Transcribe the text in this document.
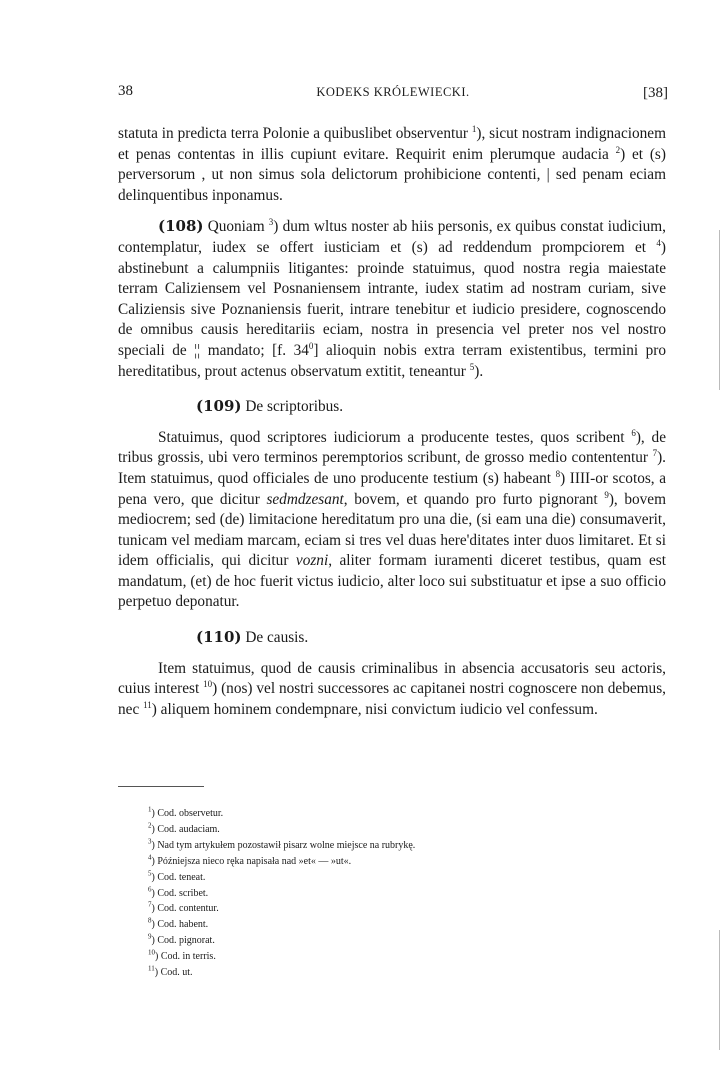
38	KODEKS KRÓLEWIECKI.	[38]

statuta in predicta terra Polonie a quibuslibet observentur $^1$), sicut nostram indignacionem et penas contentas in illis cupiunt evitare. Requirit enim plerumque audacia $^2$) et (s) perversorum , ut non simus sola delictorum prohibicione contenti, | sed penam eciam delinquentibus inponamus.

(108) Quoniam $^3$) dum wltus noster ab hiis personis, ex quibus constat iudicium, contemplatur, iudex se offert iusticiam et (s) ad reddendum prompciorem et $^4$) abstinebunt a calumpniis litigantes: proinde statuimus, quod nostra regia maiestate terram Caliziensem vel Posnaniensem intrante, iudex statim ad nostram curiam, sive Caliziensis sive Poznaniensis fuerit, intrare tenebitur et iudicio presidere, cognoscendo de omnibus causis hereditariis eciam, nostra in presencia vel preter nos vel nostro speciali de ¦¦ mandato; [f. $34^0$] alioquin nobis extra terram existentibus, termini pro hereditatibus, prout actenus observatum extitit, teneantur $^5$).

(109) De scriptoribus.

Statuimus, quod scriptores iudiciorum a producente testes, quos scribent $^6$), de tribus grossis, ubi vero terminos peremptorios scribunt, de grosso medio contententur $^7$). Item statuimus, quod officiales de uno producente testium (s) habeant $^8$) IIII-or scotos, a pena vero, que dicitur sedmdzesant, bovem, et quando pro furto pignorant $^9$), bovem mediocrem; sed (de) limitacione hereditatum pro una die, (si eam una die) consumaverit, tunicam vel mediam marcam, eciam si tres vel duas here'ditates inter duos limitaret. Et si idem officialis, qui dicitur vozni, aliter formam iuramenti diceret testibus, quam est mandatum, (et) de hoc fuerit victus iudicio, alter loco sui substituatur et ipse a suo officio perpetuo deponatur.

(110) De causis.

Item statuimus, quod de causis criminalibus in absencia accusatoris seu actoris, cuius interest $^{10}$) (nos) vel nostri successores ac capitanei nostri cognoscere non debemus, nec $^{11}$) aliquem hominem condempnare, nisi convictum iudicio vel confessum.

$^1$) Cod. observetur.
$^2$) Cod. audaciam.
$^3$) Nad tym artykułem pozostawił pisarz wolne miejsce na rubrykę.
$^4$) Późniejsza nieco ręka napisała nad »et« — »ut«.
$^5$) Cod. teneat.
$^6$) Cod. scribet.
$^7$) Cod. contentur.
$^8$) Cod. habent.
$^9$) Cod. pignorat.
$^{10}$) Cod. in terris.
$^{11}$) Cod. ut.
